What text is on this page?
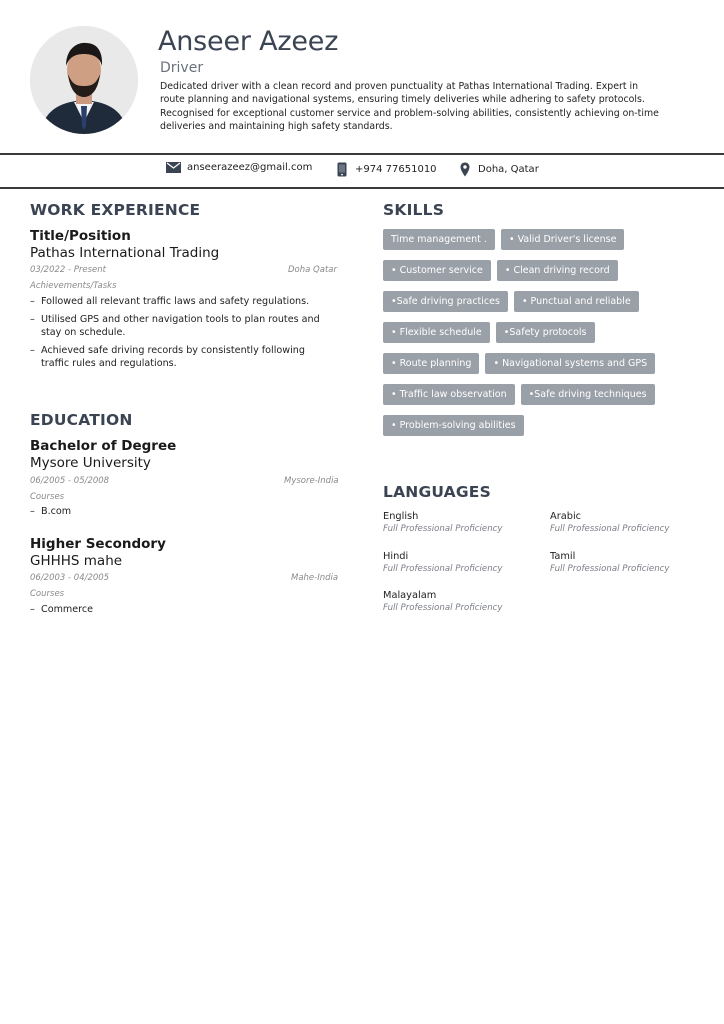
Anseer Azeez
Driver
Dedicated driver with a clean record and proven punctuality at Pathas International Trading. Expert in route planning and navigational systems, ensuring timely deliveries while adhering to safety protocols. Recognised for exceptional customer service and problem-solving abilities, consistently achieving on-time deliveries and maintaining high safety standards.
anseerazeez@gmail.com	+974 77651010	Doha, Qatar
WORK EXPERIENCE
Title/Position
Pathas International Trading
03/2022 - Present	Doha Qatar
Achievements/Tasks
– Followed all relevant traffic laws and safety regulations.
– Utilised GPS and other navigation tools to plan routes and stay on schedule.
– Achieved safe driving records by consistently following traffic rules and regulations.
EDUCATION
Bachelor of Degree
Mysore University
06/2005 - 05/2008	Mysore-India
Courses
– B.com
Higher Secondory
GHHHS mahe
06/2003 - 04/2005	Mahe-India
Courses
– Commerce
SKILLS
Time management .	• Valid Driver's license
• Customer service	• Clean driving record
•Safe driving practices	• Punctual and reliable
• Flexible schedule	•Safety protocols
• Route planning	• Navigational systems and GPS
• Traffic law observation	•Safe driving techniques
• Problem-solving abilities
LANGUAGES
English
Full Professional Proficiency
Arabic
Full Professional Proficiency
Hindi
Full Professional Proficiency
Tamil
Full Professional Proficiency
Malayalam
Full Professional Proficiency
